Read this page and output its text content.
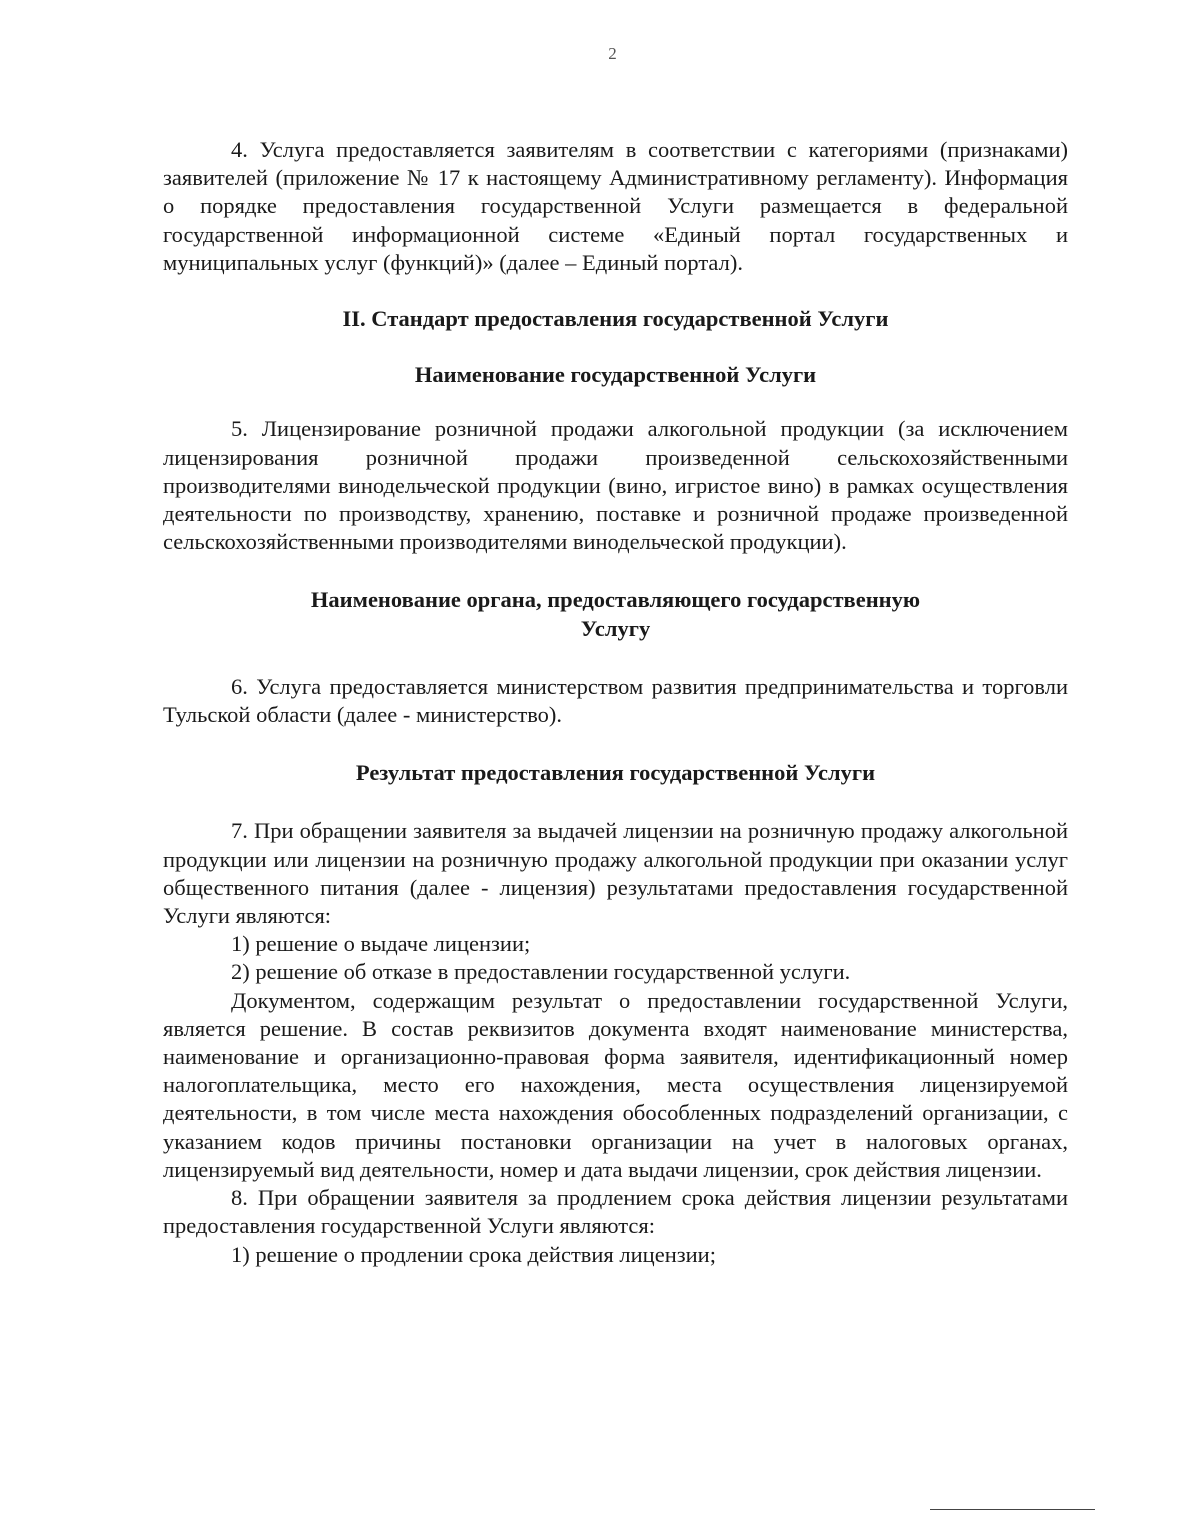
2

4. Услуга предоставляется заявителям в соответствии с категориями (признаками) заявителей (приложение № 17 к настоящему Административному регламенту). Информация о порядке предоставления государственной Услуги размещается в федеральной государственной информационной системе «Единый портал государственных и муниципальных услуг (функций)» (далее – Единый портал).

II. Стандарт предоставления государственной Услуги

Наименование государственной Услуги

5. Лицензирование розничной продажи алкогольной продукции (за исключением лицензирования розничной продажи произведенной сельскохозяйственными производителями винодельческой продукции (вино, игристое вино) в рамках осуществления деятельности по производству, хранению, поставке и розничной продаже произведенной сельскохозяйственными производителями винодельческой продукции).

Наименование органа, предоставляющего государственную

Услугу

6. Услуга предоставляется министерством развития предпринимательства и торговли Тульской области (далее - министерство).

Результат предоставления государственной Услуги

7. При обращении заявителя за выдачей лицензии на розничную продажу алкогольной продукции или лицензии на розничную продажу алкогольной продукции при оказании услуг общественного питания (далее - лицензия) результатами предоставления государственной Услуги являются:

1) решение о выдаче лицензии;

2) решение об отказе в предоставлении государственной услуги.

Документом, содержащим результат о предоставлении государственной Услуги, является решение. В состав реквизитов документа входят наименование министерства, наименование и организационно-правовая форма заявителя, идентификационный номер налогоплательщика, место его нахождения, места осуществления лицензируемой деятельности, в том числе места нахождения обособленных подразделений организации, с указанием кодов причины постановки организации на учет в налоговых органах, лицензируемый вид деятельности, номер и дата выдачи лицензии, срок действия лицензии.

8. При обращении заявителя за продлением срока действия лицензии результатами предоставления государственной Услуги являются:

1) решение о продлении срока действия лицензии;
